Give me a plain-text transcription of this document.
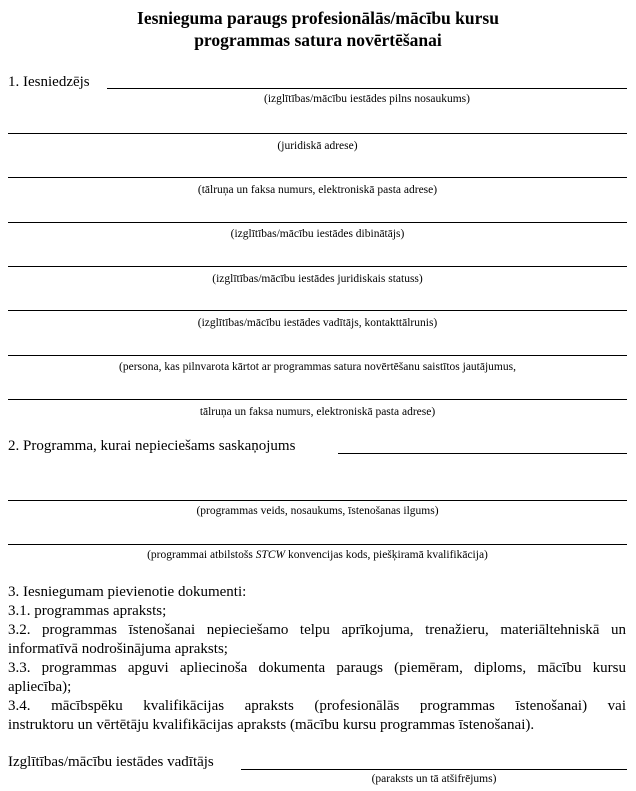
Iesnieguma paraugs profesionālās/mācību kursu
programmas satura novērtēšanai
1. Iesniedzējs
(izglītības/mācību iestādes pilns nosaukums)
(juridiskā adrese)
(tālruņa un faksa numurs, elektroniskā pasta adrese)
(izglītības/mācību iestādes dibinātājs)
(izglītības/mācību iestādes juridiskais statuss)
(izglītības/mācību iestādes vadītājs, kontakttālrunis)
(persona, kas pilnvarota kārtot ar programmas satura novērtēšanu saistītos jautājumus,
tālruņa un faksa numurs, elektroniskā pasta adrese)
2. Programma, kurai nepieciešams saskaņojums
(programmas veids, nosaukums, īstenošanas ilgums)
(programmai atbilstošs STCW konvencijas kods, piešķiramā kvalifikācija)
3. Iesniegumam pievienotie dokumenti:
3.1. programmas apraksts;
3.2. programmas īstenošanai nepieciešamo telpu aprīkojuma, trenažieru, materiāltehniskā un
informatīvā nodrošinājuma apraksts;
3.3. programmas apguvi apliecinoša dokumenta paraugs (piemēram, diploms, mācību kursu
apliecība);
3.4. mācībspēku kvalifikācijas apraksts (profesionālās programmas īstenošanai) vai
instruktoru un vērtētāju kvalifikācijas apraksts (mācību kursu programmas īstenošanai).
Izglītības/mācību iestādes vadītājs
(paraksts un tā atšifrējums)
